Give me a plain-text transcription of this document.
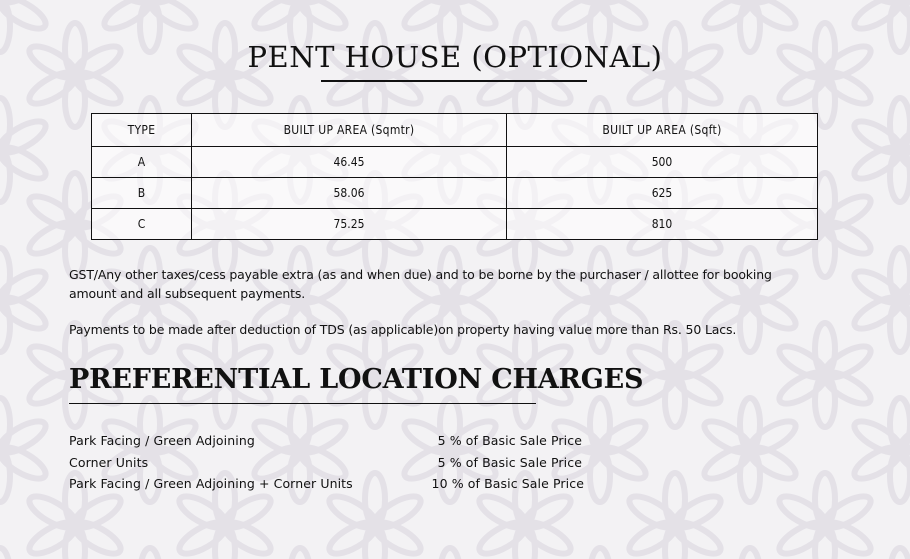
PENT HOUSE (OPTIONAL)
TYPE	BUILT UP AREA (Sqmtr)	BUILT UP AREA (Sqft)
A	46.45	500
B	58.06	625
C	75.25	810
GST/Any other taxes/cess payable extra (as and when due) and to be borne by the purchaser / allottee for booking amount and all subsequent payments.
Payments to be made after deduction of TDS (as applicable)on property having value more than Rs. 50 Lacs.
PREFERENTIAL LOCATION CHARGES
Park Facing / Green Adjoining	5 % of Basic Sale Price
Corner Units	5 % of Basic Sale Price
Park Facing / Green Adjoining + Corner Units	10 % of Basic Sale Price
